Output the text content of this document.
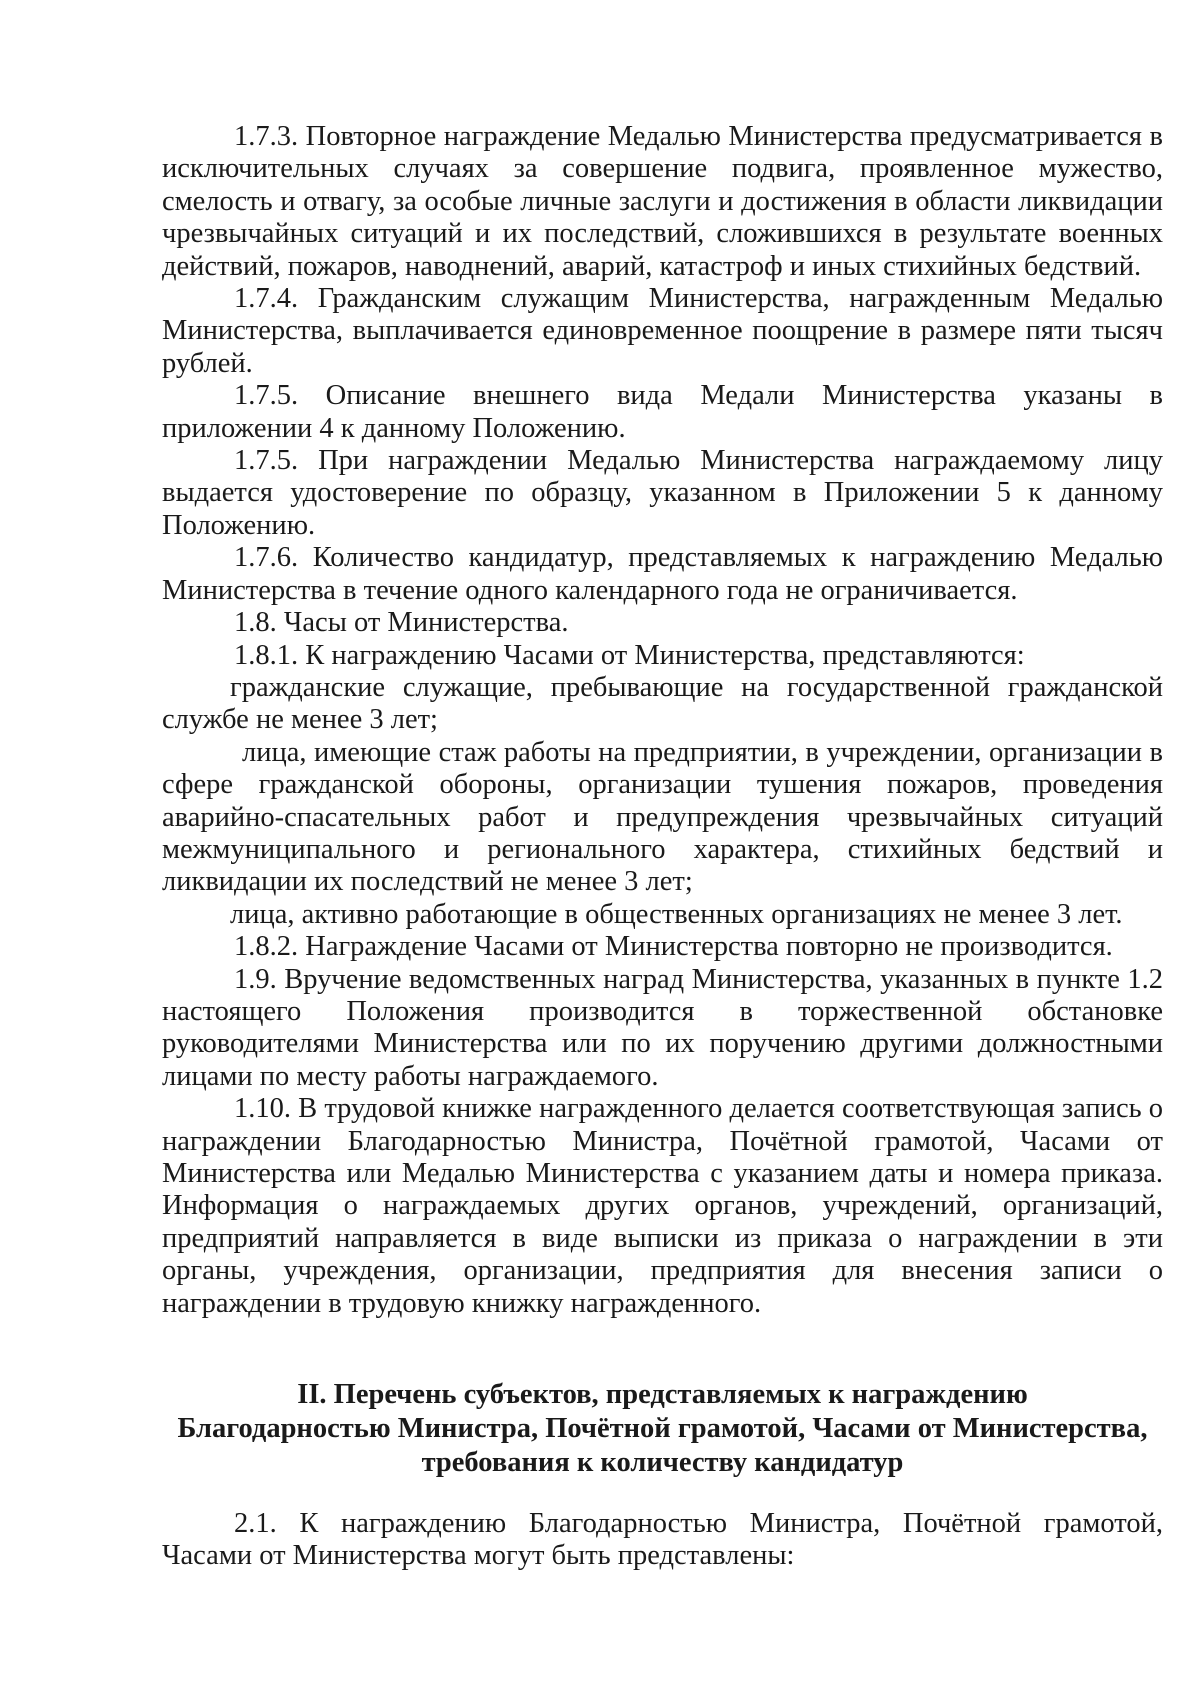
1.7.3. Повторное награждение Медалью Министерства предусматривается в исключительных случаях за совершение подвига, проявленное мужество, смелость и отвагу, за особые личные заслуги и достижения в области ликвидации чрезвычайных ситуаций и их последствий, сложившихся в результате военных действий, пожаров, наводнений, аварий, катастроф и иных стихийных бедствий.

1.7.4. Гражданским служащим Министерства, награжденным Медалью Министерства, выплачивается единовременное поощрение в размере пяти тысяч рублей.

1.7.5. Описание внешнего вида Медали Министерства указаны в приложении 4 к данному Положению.

1.7.5. При награждении Медалью Министерства награждаемому лицу выдается удостоверение по образцу, указанном в Приложении 5 к данному Положению.

1.7.6. Количество кандидатур, представляемых к награждению Медалью Министерства в течение одного календарного года не ограничивается.

1.8. Часы от Министерства.

1.8.1. К награждению Часами от Министерства, представляются:

гражданские служащие, пребывающие на государственной гражданской службе не менее 3 лет;

лица, имеющие стаж работы на предприятии, в учреждении, организации в сфере гражданской обороны, организации тушения пожаров, проведения аварийно-спасательных работ и предупреждения чрезвычайных ситуаций межмуниципального и регионального характера, стихийных бедствий и ликвидации их последствий не менее 3 лет;

лица, активно работающие в общественных организациях не менее 3 лет.

1.8.2. Награждение Часами от Министерства повторно не производится.

1.9. Вручение ведомственных наград Министерства, указанных в пункте 1.2 настоящего Положения производится в торжественной обстановке руководителями Министерства или по их поручению другими должностными лицами по месту работы награждаемого.

1.10. В трудовой книжке награжденного делается соответствующая запись о награждении Благодарностью Министра, Почётной грамотой, Часами от Министерства или Медалью Министерства с указанием даты и номера приказа. Информация о награждаемых других органов, учреждений, организаций, предприятий направляется в виде выписки из приказа о награждении в эти органы, учреждения, организации, предприятия для внесения записи о награждении в трудовую книжку награжденного.

II. Перечень субъектов, представляемых к награждению
Благодарностью Министра, Почётной грамотой, Часами от Министерства,
требования к количеству кандидатур

2.1. К награждению Благодарностью Министра, Почётной грамотой, Часами от Министерства могут быть представлены:
